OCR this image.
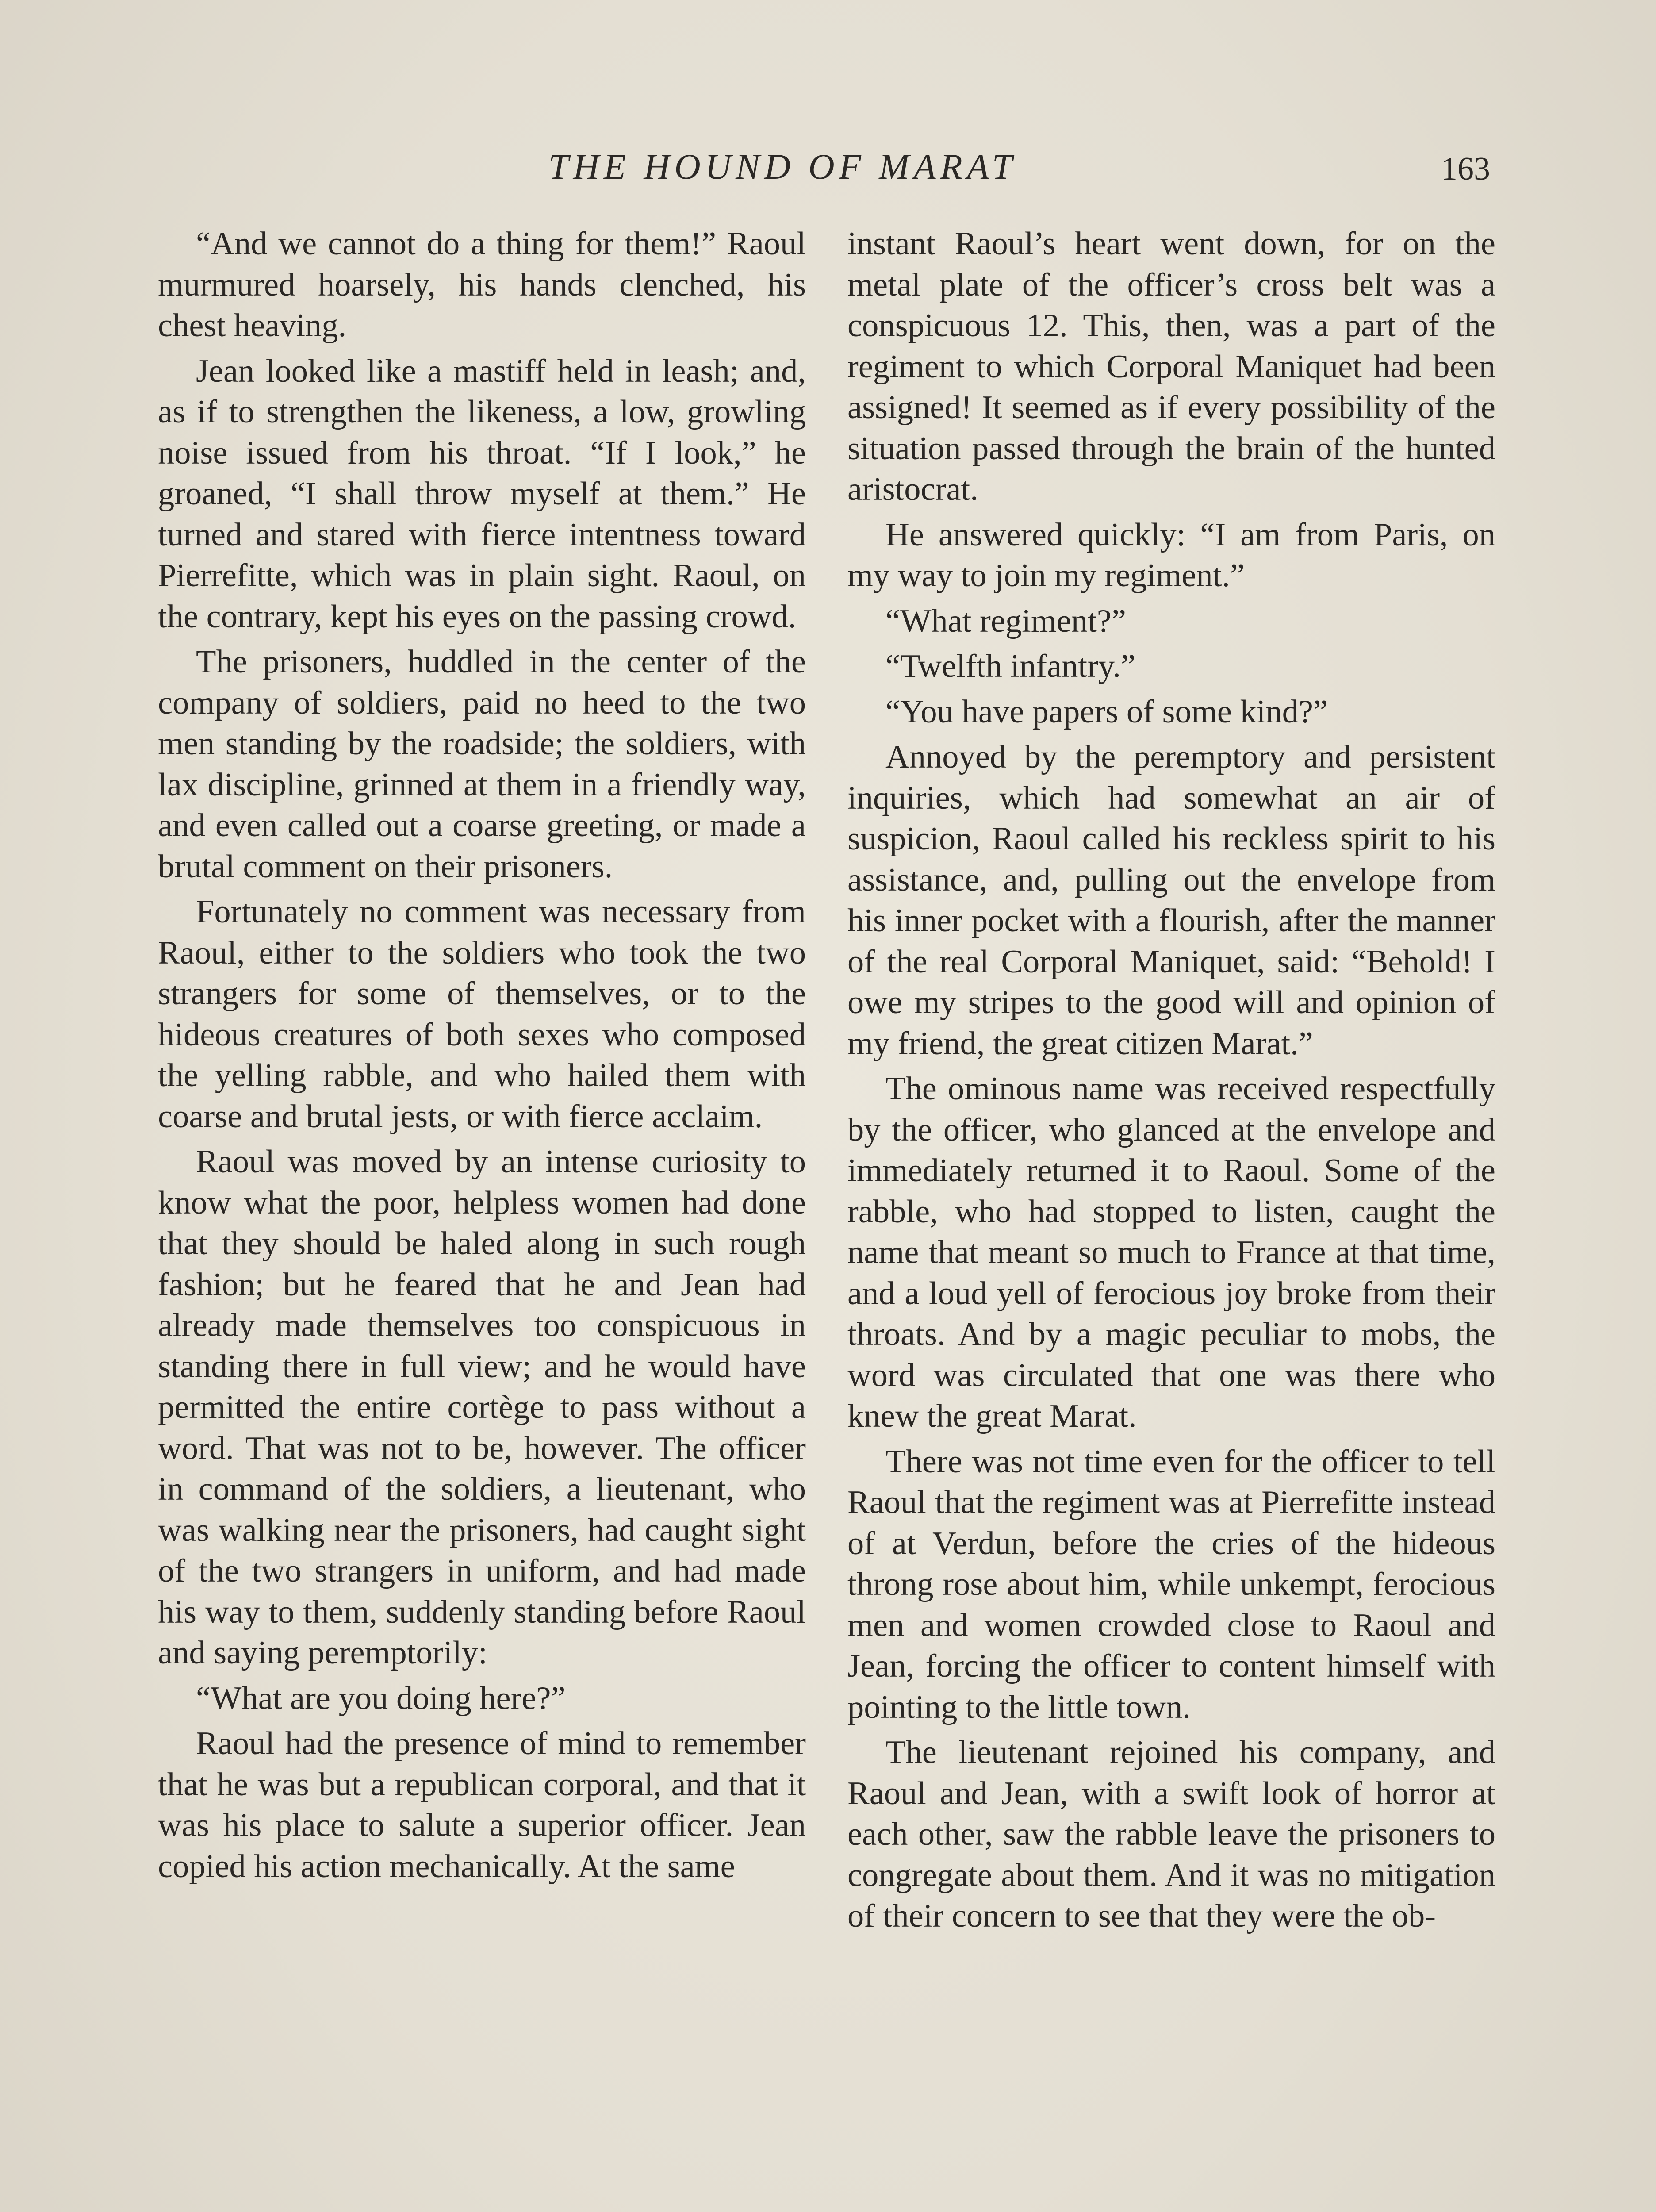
THE HOUND OF MARAT	163

“And we cannot do a thing for them!” Raoul murmured hoarsely, his hands clenched, his chest heaving.

Jean looked like a mastiff held in leash; and, as if to strengthen the likeness, a low, growling noise issued from his throat. “If I look,” he groaned, “I shall throw myself at them.” He turned and stared with fierce intentness toward Pierrefitte, which was in plain sight. Raoul, on the contrary, kept his eyes on the passing crowd.

The prisoners, huddled in the center of the company of soldiers, paid no heed to the two men standing by the roadside; the soldiers, with lax discipline, grinned at them in a friendly way, and even called out a coarse greeting, or made a brutal comment on their prisoners.

Fortunately no comment was necessary from Raoul, either to the soldiers who took the two strangers for some of themselves, or to the hideous creatures of both sexes who composed the yelling rabble, and who hailed them with coarse and brutal jests, or with fierce acclaim.

Raoul was moved by an intense curiosity to know what the poor, helpless women had done that they should be haled along in such rough fashion; but he feared that he and Jean had already made themselves too conspicuous in standing there in full view; and he would have permitted the entire cortège to pass without a word. That was not to be, however. The officer in command of the soldiers, a lieutenant, who was walking near the prisoners, had caught sight of the two strangers in uniform, and had made his way to them, suddenly standing before Raoul and saying peremptorily:

“What are you doing here?”

Raoul had the presence of mind to remember that he was but a republican corporal, and that it was his place to salute a superior officer. Jean copied his action mechanically. At the same

instant Raoul’s heart went down, for on the metal plate of the officer’s cross belt was a conspicuous 12. This, then, was a part of the regiment to which Corporal Maniquet had been assigned! It seemed as if every possibility of the situation passed through the brain of the hunted aristocrat.

He answered quickly: “I am from Paris, on my way to join my regiment.”

“What regiment?”

“Twelfth infantry.”

“You have papers of some kind?”

Annoyed by the peremptory and persistent inquiries, which had somewhat an air of suspicion, Raoul called his reckless spirit to his assistance, and, pulling out the envelope from his inner pocket with a flourish, after the manner of the real Corporal Maniquet, said: “Behold! I owe my stripes to the good will and opinion of my friend, the great citizen Marat.”

The ominous name was received respectfully by the officer, who glanced at the envelope and immediately returned it to Raoul. Some of the rabble, who had stopped to listen, caught the name that meant so much to France at that time, and a loud yell of ferocious joy broke from their throats. And by a magic peculiar to mobs, the word was circulated that one was there who knew the great Marat.

There was not time even for the officer to tell Raoul that the regiment was at Pierrefitte instead of at Verdun, before the cries of the hideous throng rose about him, while unkempt, ferocious men and women crowded close to Raoul and Jean, forcing the officer to content himself with pointing to the little town.

The lieutenant rejoined his company, and Raoul and Jean, with a swift look of horror at each other, saw the rabble leave the prisoners to congregate about them. And it was no mitigation of their concern to see that they were the ob-
